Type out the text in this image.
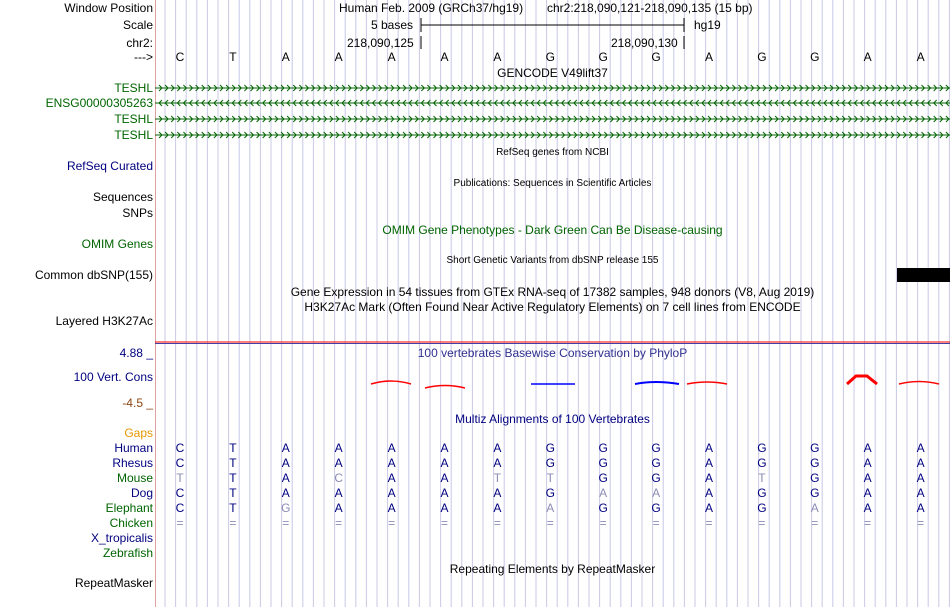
Window Position
Scale
chr2:
--->
Human Feb. 2009 (GRCh37/hg19) chr2:218,090,121-218,090,135 (15 bp)
5 bases	hg19
218,090,125	218,090,130
C	T	A	A	A	A	A	G	G	G	A	G	G	A	A
GENCODE V49lift37
TESHL
ENSG00000305263
TESHL
TESHL
RefSeq Curated
RefSeq genes from NCBI
Sequences
Publications: Sequences in Scientific Articles
SNPs
OMIM Gene Phenotypes - Dark Green Can Be Disease-causing
OMIM Genes
Short Genetic Variants from dbSNP release 155
Common dbSNP(155)
Gene Expression in 54 tissues from GTEx RNA-seq of 17382 samples, 948 donors (V8, Aug 2019)
H3K27Ac Mark (Often Found Near Active Regulatory Elements) on 7 cell lines from ENCODE
Layered H3K27Ac
100 vertebrates Basewise Conservation by PhyloP
4.88 _
100 Vert. Cons
-4.5 _
Multiz Alignments of 100 Vertebrates
Gaps
Human	C	T	A	A	A	A	A	G	G	G	A	G	G	A	A
Rhesus	C	T	A	A	A	A	A	G	G	G	A	G	G	A	A
Mouse	T	T	A	C	A	A	T	T	G	G	A	T	G	A	A
Dog	C	T	A	A	A	A	A	G	A	A	A	G	G	A	A
Elephant	C	T	G	A	A	A	A	A	G	G	A	G	A	A	A
Chicken	=	=	=	=	=	=	=	=	=	=	=	=	=	=	=
X_tropicalis
Zebrafish
Repeating Elements by RepeatMasker
RepeatMasker
